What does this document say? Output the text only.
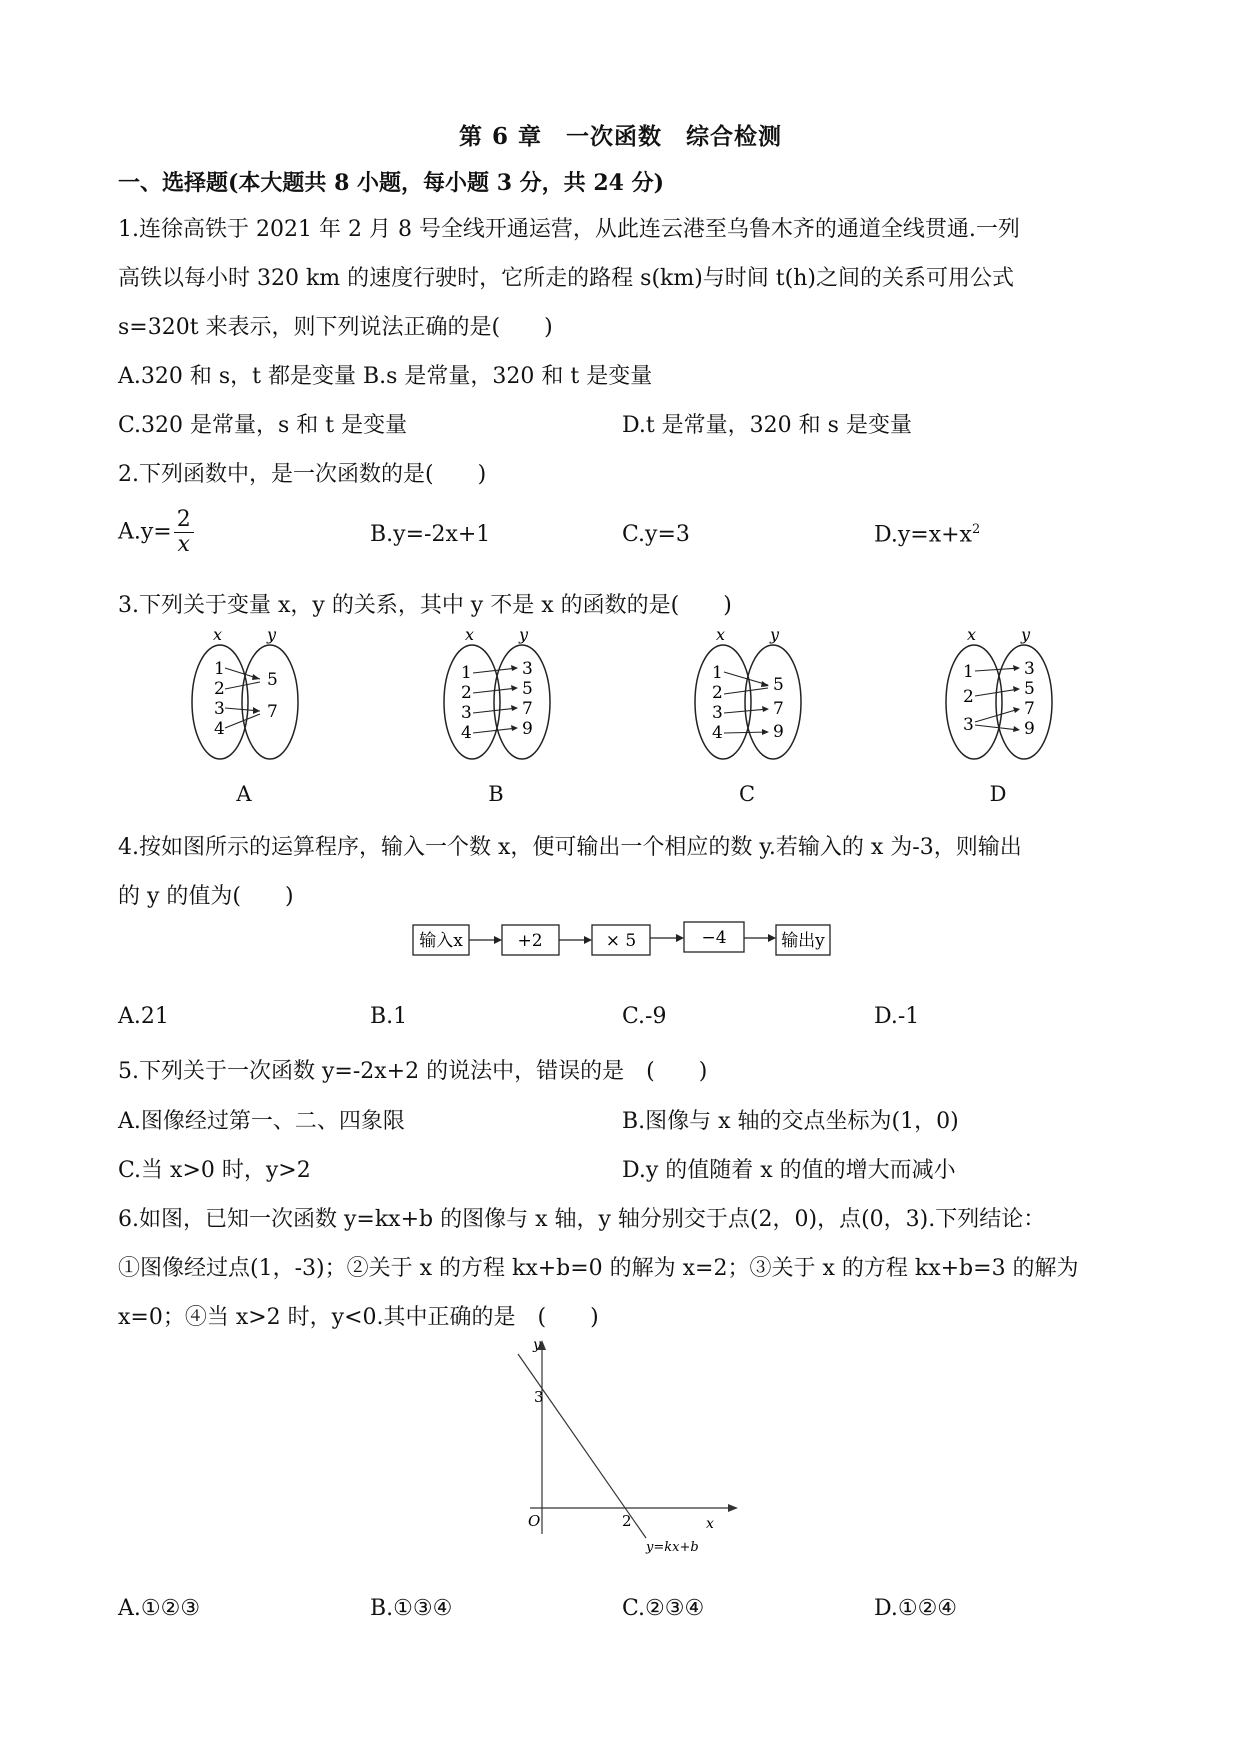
第 6 章　一次函数　综合检测
一、选择题(本大题共 8 小题，每小题 3 分，共 24 分)
1.连徐高铁于 2021 年 2 月 8 号全线开通运营，从此连云港至乌鲁木齐的通道全线贯通.一列
高铁以每小时 320 km 的速度行驶时，它所走的路程 s(km)与时间 t(h)之间的关系可用公式
s=320t 来表示，则下列说法正确的是(　　)
A.320 和 s，t 都是变量 B.s 是常量，320 和 t 是变量
C.320 是常量，s 和 t 是变量	D.t 是常量，320 和 s 是变量
2.下列函数中，是一次函数的是(　　)
$A.y= \frac{2}{x}$	B.y=-2x+1	C.y=3	$D.y=x+x^2$
3.下列关于变量 x，y 的关系，其中 y 不是 x 的函数的是(　　)
x	y
1
2
3
4
5
7
x	y
1
2
3
4
3
5
7
9
x	y
1
2
3
4
5
7
9
x	y
1
2
3
3
5
7
9
A	B	C	D
4.按如图所示的运算程序，输入一个数 x，便可输出一个相应的数 y.若输入的 x 为-3，则输出
的 y 的值为(　　)
输入x	+2	× 5	−4	输出y
A.21	B.1	C.-9	D.-1
5.下列关于一次函数 y=-2x+2 的说法中，错误的是　(　　)
A.图像经过第一、二、四象限	B.图像与 x 轴的交点坐标为(1，0)
C.当 x>0 时，y>2	D.y 的值随着 x 的值的增大而减小
6.如图，已知一次函数 y=kx+b 的图像与 x 轴，y 轴分别交于点(2，0)，点(0，3).下列结论：
①图像经过点(1，-3)；②关于 x 的方程 kx+b=0 的解为 x=2；③关于 x 的方程 kx+b=3 的解为
x=0；④当 x>2 时，y<0.其中正确的是　(　　)
y
x
3
O	2
y=kx+b
A.①②③	B.①③④	C.②③④	D.①②④
